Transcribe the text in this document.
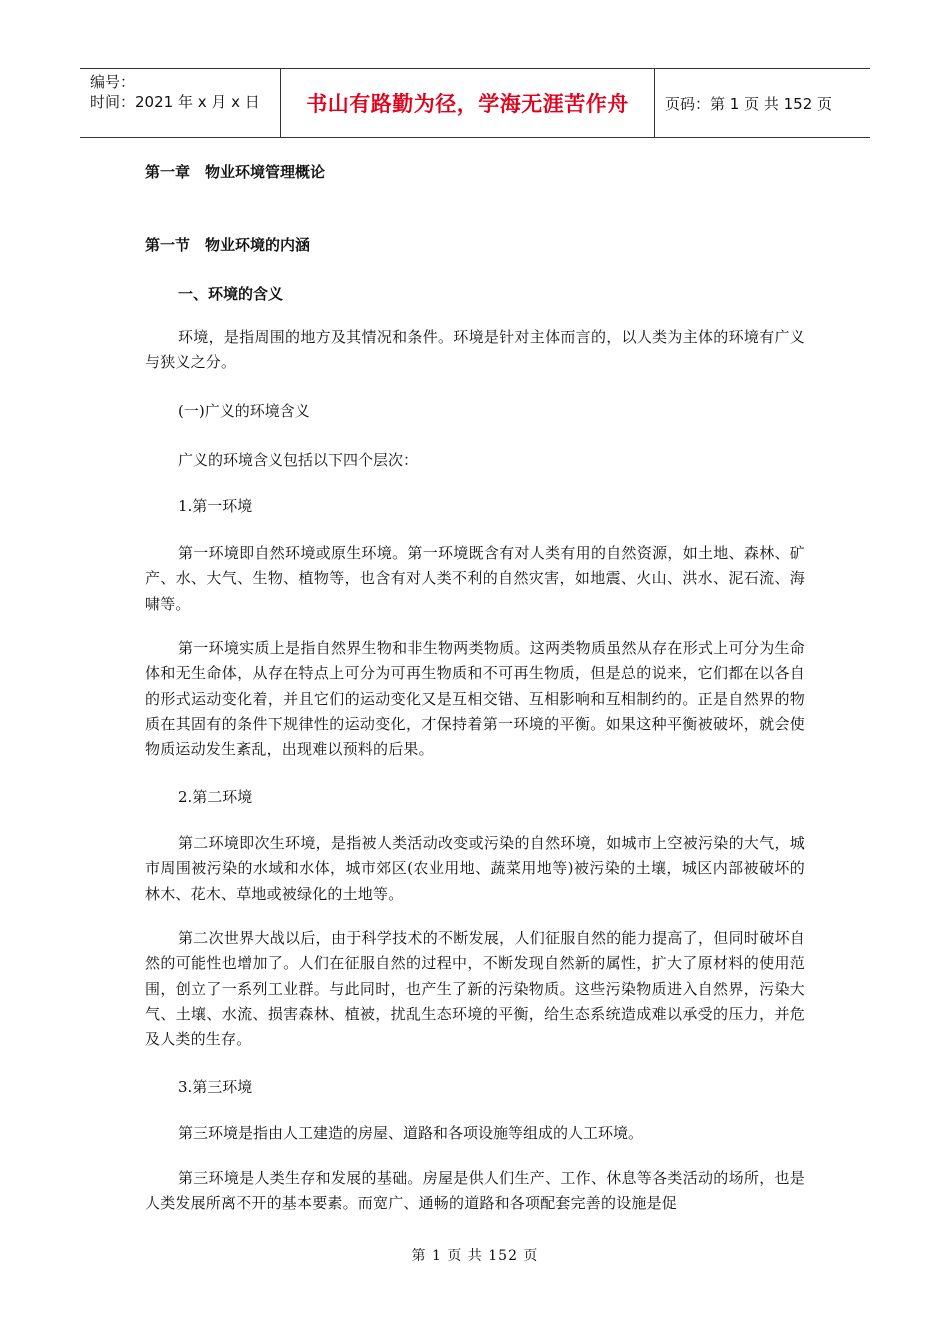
编号：
时间：2021 年 x 月 x 日	书山有路勤为径，学海无涯苦作舟	页码：第 1 页 共 152 页
第一章　物业环境管理概论
第一节　物业环境的内涵
一、环境的含义
环境，是指周围的地方及其情况和条件。环境是针对主体而言的，以人类为主体的环境有广义与狭义之分。
(一)广义的环境含义
广义的环境含义包括以下四个层次：
1.第一环境
第一环境即自然环境或原生环境。第一环境既含有对人类有用的自然资源，如土地、森林、矿产、水、大气、生物、植物等，也含有对人类不利的自然灾害，如地震、火山、洪水、泥石流、海啸等。
第一环境实质上是指自然界生物和非生物两类物质。这两类物质虽然从存在形式上可分为生命体和无生命体，从存在特点上可分为可再生物质和不可再生物质，但是总的说来，它们都在以各自的形式运动变化着，并且它们的运动变化又是互相交错、互相影响和互相制约的。正是自然界的物质在其固有的条件下规律性的运动变化，才保持着第一环境的平衡。如果这种平衡被破坏，就会使物质运动发生紊乱，出现难以预料的后果。
2.第二环境
第二环境即次生环境，是指被人类活动改变或污染的自然环境，如城市上空被污染的大气，城市周围被污染的水域和水体，城市郊区(农业用地、蔬菜用地等)被污染的土壤，城区内部被破坏的林木、花木、草地或被绿化的土地等。
第二次世界大战以后，由于科学技术的不断发展，人们征服自然的能力提高了，但同时破坏自然的可能性也增加了。人们在征服自然的过程中，不断发现自然新的属性，扩大了原材料的使用范围，创立了一系列工业群。与此同时，也产生了新的污染物质。这些污染物质进入自然界，污染大气、土壤、水流、损害森林、植被，扰乱生态环境的平衡，给生态系统造成难以承受的压力，并危及人类的生存。
3.第三环境
第三环境是指由人工建造的房屋、道路和各项设施等组成的人工环境。
第三环境是人类生存和发展的基础。房屋是供人们生产、工作、休息等各类活动的场所，也是人类发展所离不开的基本要素。而宽广、通畅的道路和各项配套完善的设施是促
第 1 页 共 152 页
